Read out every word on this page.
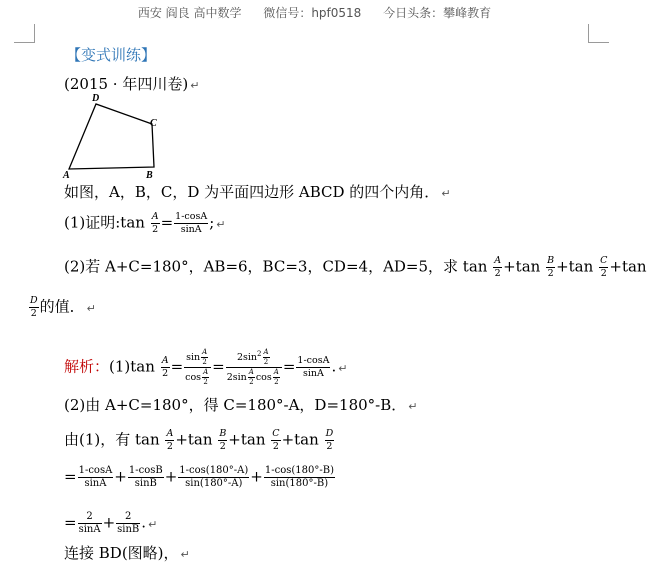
西安 阎良 高中数学 微信号：hpf0518 今日头条：攀峰教育
【变式训练】
(2015 · 年四川卷) ↵
D
C
A	B
如图，A，B，C，D 为平面四边形 ABCD 的四个内角． ↵
(1)证明:tan $\frac{A}{2} = \frac{1-\cos A}{\sin A}$ ; ↵
(2)若 A+C=180°，AB=6，BC=3，CD=4，AD=5，求 $\tan \frac{A}{2} +\tan \frac{B}{2} +\tan \frac{C}{2} +\tan$
$\frac{D}{2}$ 的值． ↵
解析：$(1)\tan \frac{A}{2} = \frac{\sin \frac{A}{2}}{\cos \frac{A}{2}} = \frac{2\sin^2 \frac{A}{2}}{2\sin \frac{A}{2} \cos \frac{A}{2}} = \frac{1-\cos A}{\sin A}$ . ↵
(2)由 A+C=180°，得 C=180°-A，D=180°-B． ↵
由(1)，有 $\tan \frac{A}{2} +\tan \frac{B}{2} +\tan \frac{C}{2} +\tan \frac{D}{2}$
= $\frac{1-\cos A}{\sin A} + \frac{1-\cos B}{\sin B} + \frac{1-\cos(180^\circ-A)}{\sin(180^\circ-A)} + \frac{1-\cos(180^\circ-B)}{\sin(180^\circ-B)}$
= $\frac{2}{\sin A} + \frac{2}{\sin B}$ . ↵
连接 BD(图略)， ↵
